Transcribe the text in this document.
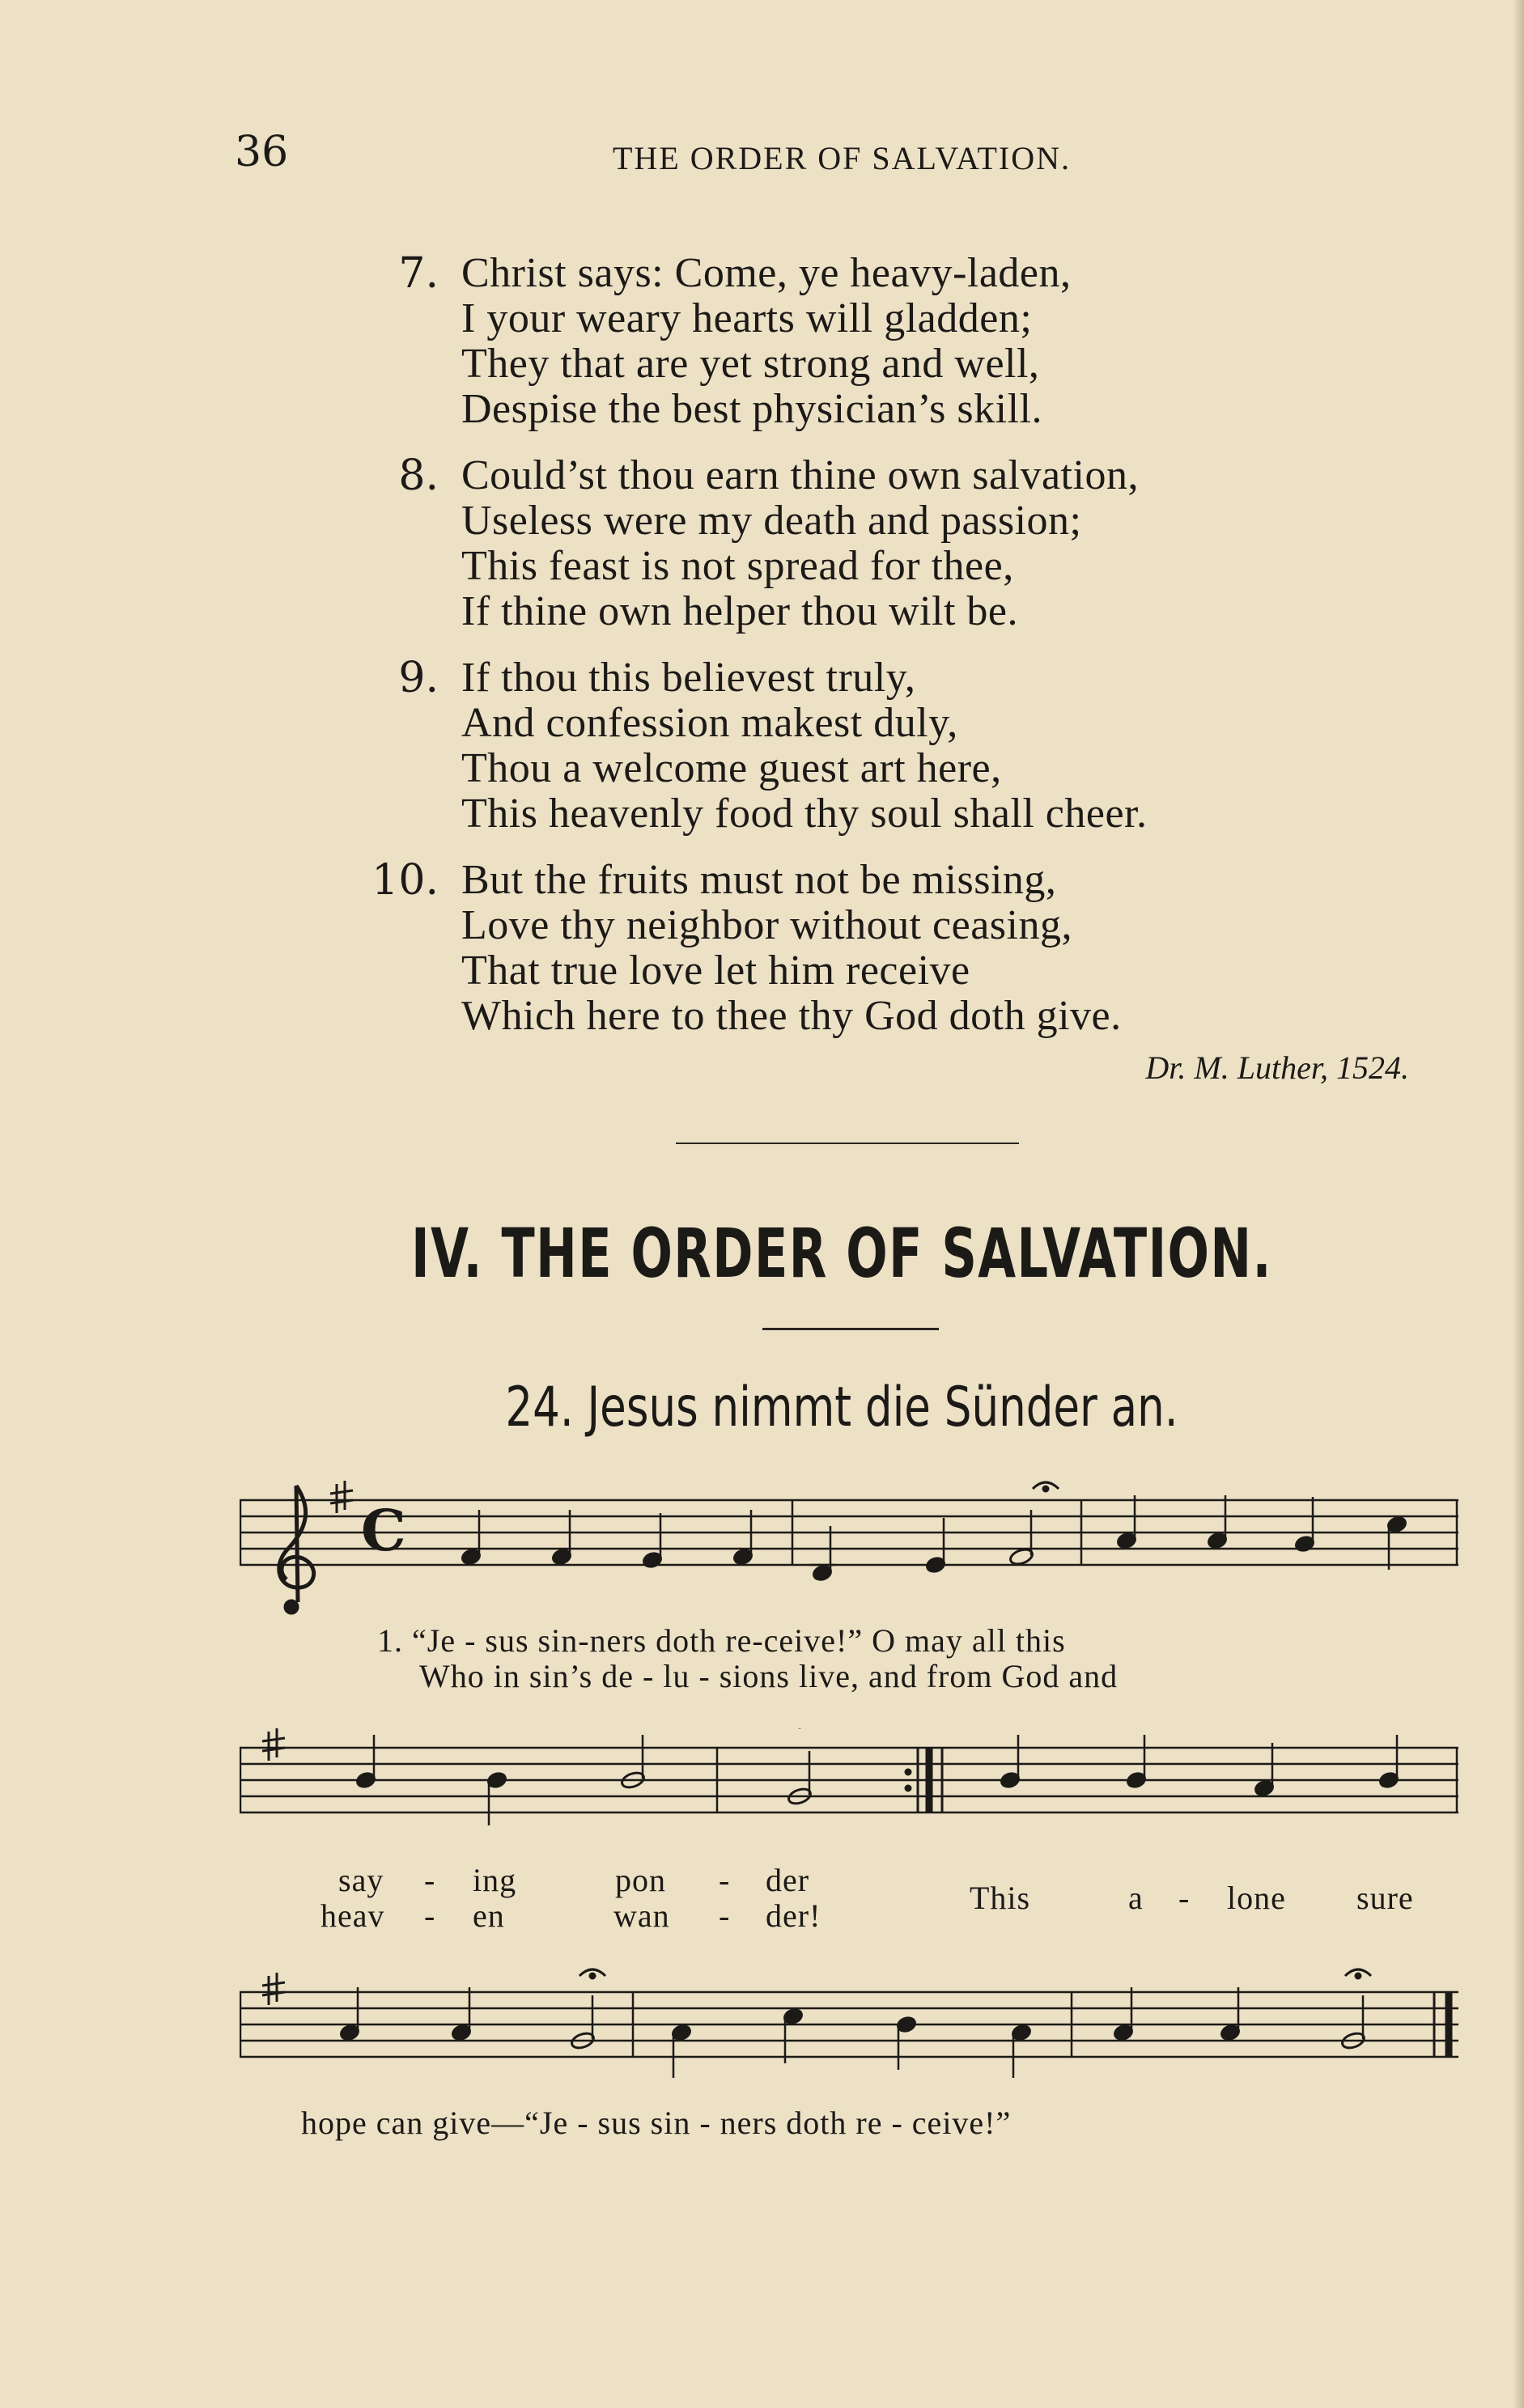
36	THE ORDER OF SALVATION.
7. Christ says: Come, ye heavy-laden,
I your weary hearts will gladden;
They that are yet strong and well,
Despise the best physician’s skill.
8. Could’st thou earn thine own salvation,
Useless were my death and passion;
This feast is not spread for thee,
If thine own helper thou wilt be.
9. If thou this believest truly,
And confession makest duly,
Thou a welcome guest art here,
This heavenly food thy soul shall cheer.
10. But the fruits must not be missing,
Love thy neighbor without ceasing,
That true love let him receive
Which here to thee thy God doth give.
Dr. M. Luther, 1524.
IV. THE ORDER OF SALVATION.
24. Jesus nimmt die Sünder an.
C
1. “Je - sus sin-ners doth re-ceive!” O may all this
Who in sin’s de - lu - sions live, and from God and
say - ing	pon - der
heav - en	wan - der!	This	a - lone sure
hope can give—“Je - sus sin - ners doth re - ceive!”
